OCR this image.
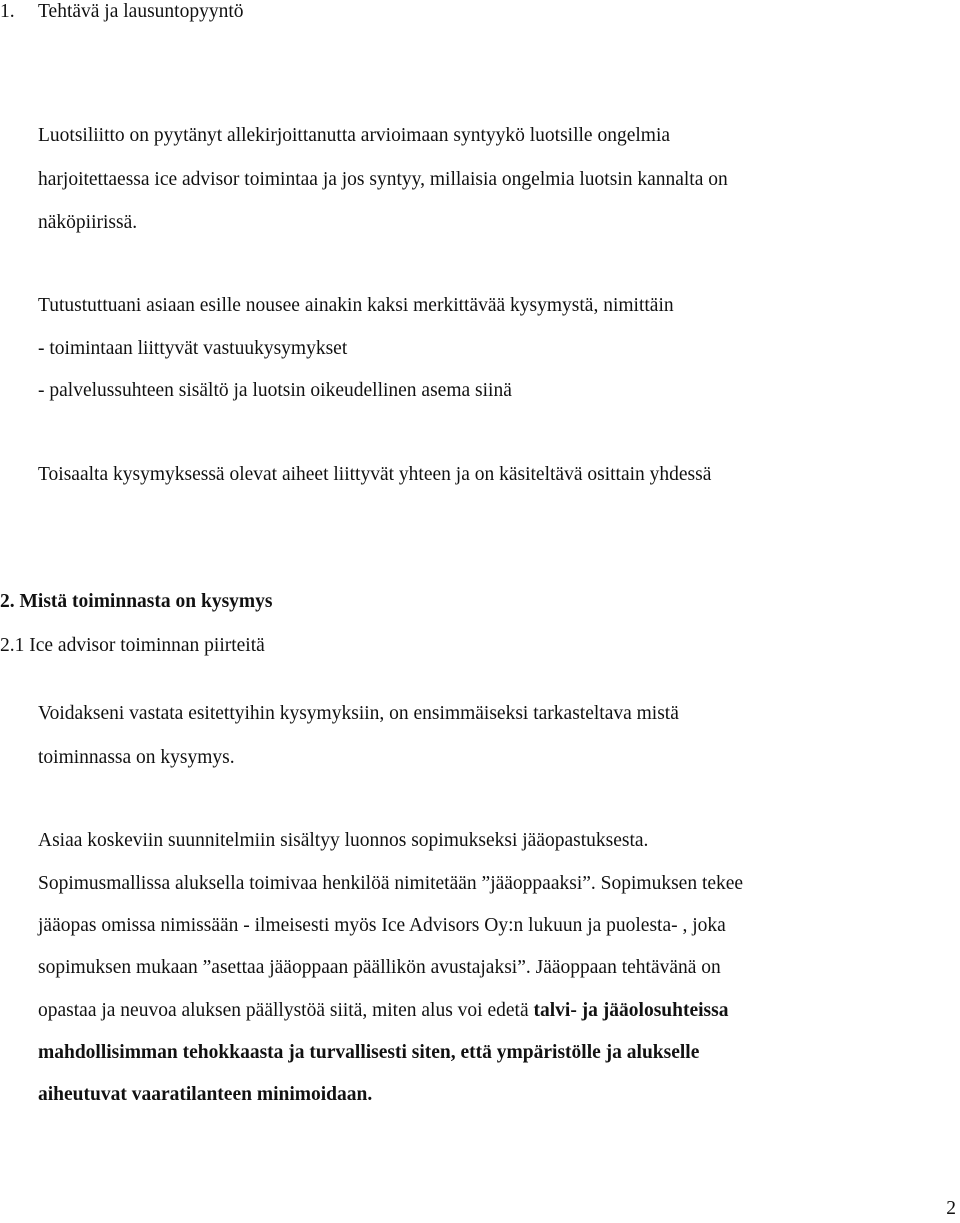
1. Tehtävä ja lausuntopyyntö
Luotsiliitto on pyytänyt allekirjoittanutta arvioimaan syntyykö luotsille ongelmia
harjoitettaessa ice advisor toimintaa ja jos syntyy, millaisia ongelmia luotsin kannalta on
näköpiirissä.
Tutustuttuani asiaan esille nousee ainakin kaksi merkittävää kysymystä, nimittäin
- toimintaan liittyvät vastuukysymykset
- palvelussuhteen sisältö ja luotsin oikeudellinen asema siinä
Toisaalta kysymyksessä olevat aiheet liittyvät yhteen ja on käsiteltävä osittain yhdessä
2. Mistä toiminnasta on kysymys
2.1 Ice advisor toiminnan piirteitä
Voidakseni vastata esitettyihin kysymyksiin, on ensimmäiseksi tarkasteltava mistä
toiminnassa on kysymys.
Asiaa koskeviin suunnitelmiin sisältyy luonnos sopimukseksi jääopastuksesta.
Sopimusmallissa aluksella toimivaa henkilöä nimitetään ”jääoppaaksi”. Sopimuksen tekee
jääopas omissa nimissään - ilmeisesti myös Ice Advisors Oy:n lukuun ja puolesta- , joka
sopimuksen mukaan ”asettaa jääoppaan päällikön avustajaksi”. Jääoppaan tehtävänä on
opastaa ja neuvoa aluksen päällystöä siitä, miten alus voi edetä talvi- ja jääolosuhteissa
mahdollisimman tehokkaasta ja turvallisesti siten, että ympäristölle ja alukselle
aiheutuvat vaaratilanteen minimoidaan.
2
